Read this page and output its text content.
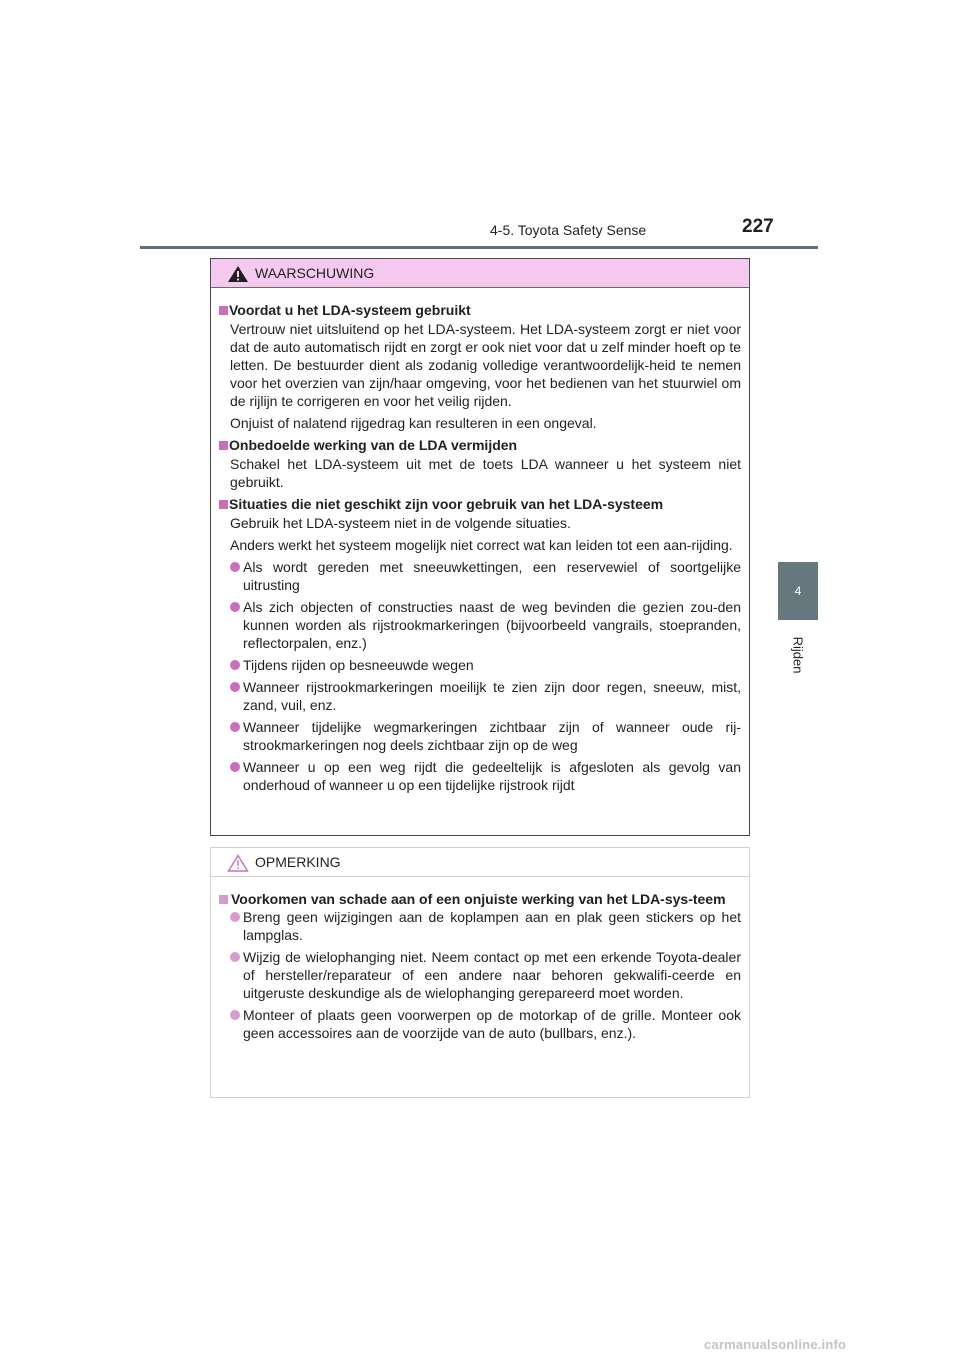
4-5. Toyota Safety Sense	227
4
Rijden
WAARSCHUWING
Voordat u het LDA-systeem gebruikt
Vertrouw niet uitsluitend op het LDA-systeem. Het LDA-systeem zorgt er niet voor dat de auto automatisch rijdt en zorgt er ook niet voor dat u zelf minder hoeft op te letten. De bestuurder dient als zodanig volledige verantwoordelijk-heid te nemen voor het overzien van zijn/haar omgeving, voor het bedienen van het stuurwiel om de rijlijn te corrigeren en voor het veilig rijden.
Onjuist of nalatend rijgedrag kan resulteren in een ongeval.
Onbedoelde werking van de LDA vermijden
Schakel het LDA-systeem uit met de toets LDA wanneer u het systeem niet gebruikt.
Situaties die niet geschikt zijn voor gebruik van het LDA-systeem
Gebruik het LDA-systeem niet in de volgende situaties.
Anders werkt het systeem mogelijk niet correct wat kan leiden tot een aan-rijding.
Als wordt gereden met sneeuwkettingen, een reservewiel of soortgelijke uitrusting
Als zich objecten of constructies naast de weg bevinden die gezien zou-den kunnen worden als rijstrookmarkeringen (bijvoorbeeld vangrails, stoepranden, reflectorpalen, enz.)
Tijdens rijden op besneeuwde wegen
Wanneer rijstrookmarkeringen moeilijk te zien zijn door regen, sneeuw, mist, zand, vuil, enz.
Wanneer tijdelijke wegmarkeringen zichtbaar zijn of wanneer oude rij-strookmarkeringen nog deels zichtbaar zijn op de weg
Wanneer u op een weg rijdt die gedeeltelijk is afgesloten als gevolg van onderhoud of wanneer u op een tijdelijke rijstrook rijdt
OPMERKING
Voorkomen van schade aan of een onjuiste werking van het LDA-sys-teem
Breng geen wijzigingen aan de koplampen aan en plak geen stickers op het lampglas.
Wijzig de wielophanging niet. Neem contact op met een erkende Toyota-dealer of hersteller/reparateur of een andere naar behoren gekwalifi-ceerde en uitgeruste deskundige als de wielophanging gerepareerd moet worden.
Monteer of plaats geen voorwerpen op de motorkap of de grille. Monteer ook geen accessoires aan de voorzijde van de auto (bullbars, enz.).
carmanualsonline.info
